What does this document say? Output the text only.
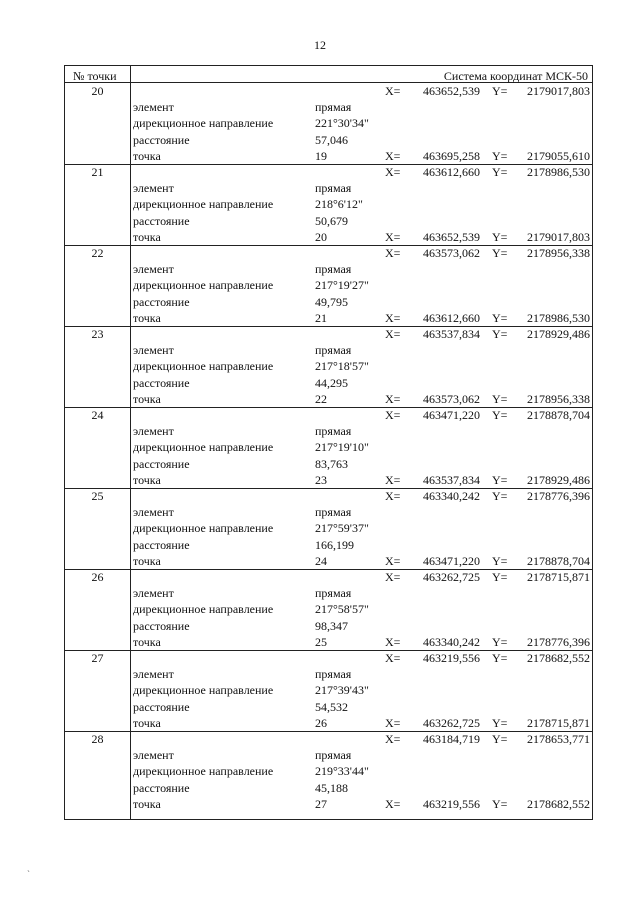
12
№ точки	Система координат МСК-50
20	X=	463652,539 Y=	2179017,803
элемент	прямая
дирекционное направление	221°30'34"
расстояние	57,046
точка	19	X=	463695,258 Y=	2179055,610
21	X=	463612,660 Y=	2178986,530
элемент	прямая
дирекционное направление	218°6'12"
расстояние	50,679
точка	20	X=	463652,539 Y=	2179017,803
22	X=	463573,062 Y=	2178956,338
элемент	прямая
дирекционное направление	217°19'27"
расстояние	49,795
точка	21	X=	463612,660 Y=	2178986,530
23	X=	463537,834 Y=	2178929,486
элемент	прямая
дирекционное направление	217°18'57"
расстояние	44,295
точка	22	X=	463573,062 Y=	2178956,338
24	X=	463471,220 Y=	2178878,704
элемент	прямая
дирекционное направление	217°19'10"
расстояние	83,763
точка	23	X=	463537,834 Y=	2178929,486
25	X=	463340,242 Y=	2178776,396
элемент	прямая
дирекционное направление	217°59'37"
расстояние	166,199
точка	24	X=	463471,220 Y=	2178878,704
26	X=	463262,725 Y=	2178715,871
элемент	прямая
дирекционное направление	217°58'57"
расстояние	98,347
точка	25	X=	463340,242 Y=	2178776,396
27	X=	463219,556 Y=	2178682,552
элемент	прямая
дирекционное направление	217°39'43"
расстояние	54,532
точка	26	X=	463262,725 Y=	2178715,871
28	X=	463184,719 Y=	2178653,771
элемент	прямая
дирекционное направление	219°33'44"
расстояние	45,188
точка	27	X=	463219,556 Y=	2178682,552
`
